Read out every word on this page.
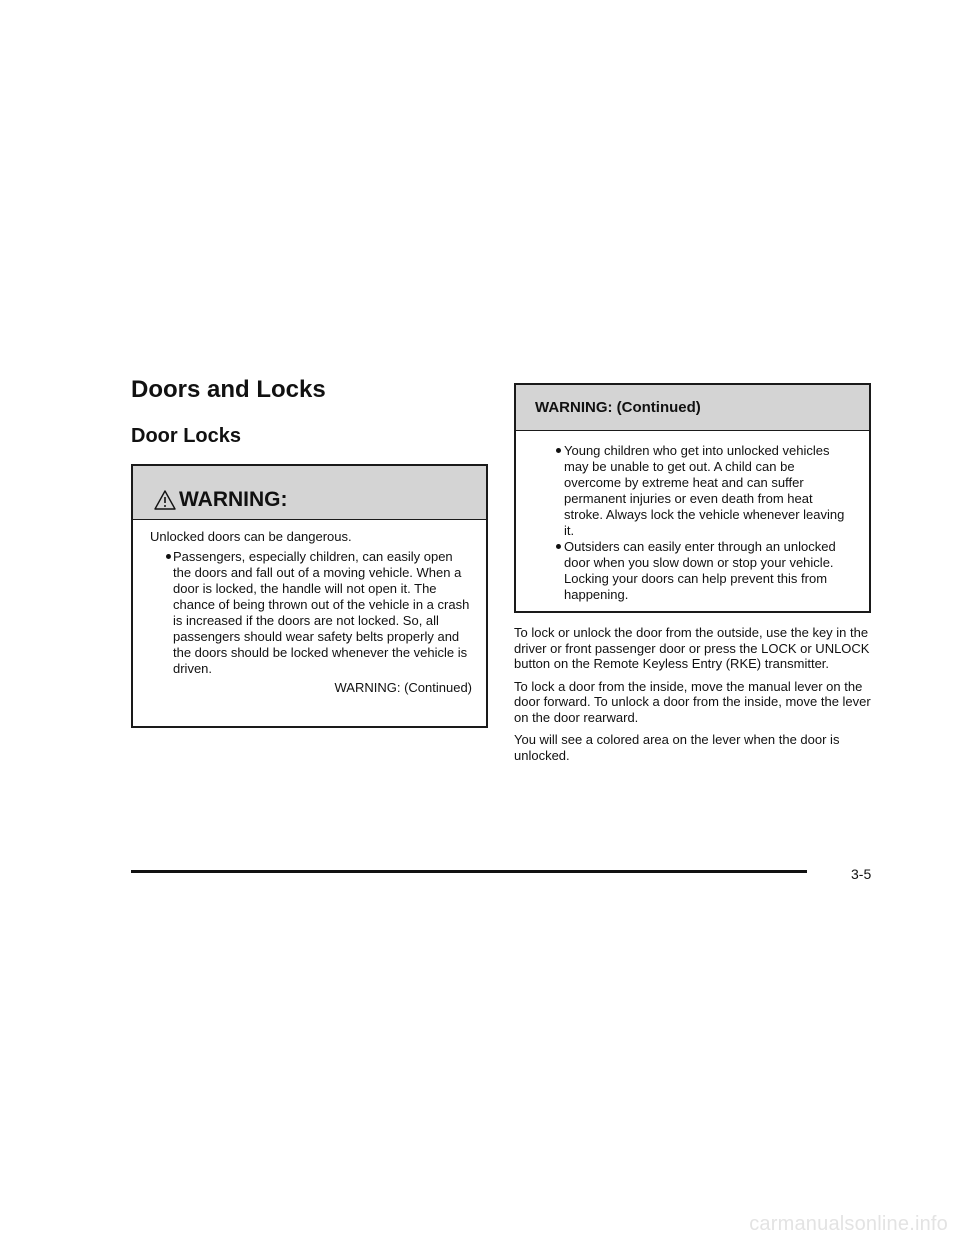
Doors and Locks
Door Locks
WARNING:
Unlocked doors can be dangerous.
Passengers, especially children, can easily open the doors and fall out of a moving vehicle. When a door is locked, the handle will not open it. The chance of being thrown out of the vehicle in a crash is increased if the doors are not locked. So, all passengers should wear safety belts properly and the doors should be locked whenever the vehicle is driven.
WARNING: (Continued)
WARNING: (Continued)
Young children who get into unlocked vehicles may be unable to get out. A child can be overcome by extreme heat and can suffer permanent injuries or even death from heat stroke. Always lock the vehicle whenever leaving it.
Outsiders can easily enter through an unlocked door when you slow down or stop your vehicle. Locking your doors can help prevent this from happening.

To lock or unlock the door from the outside, use the key in the driver or front passenger door or press the LOCK or UNLOCK button on the Remote Keyless Entry (RKE) transmitter.

To lock a door from the inside, move the manual lever on the door forward. To unlock a door from the inside, move the lever on the door rearward.

You will see a colored area on the lever when the door is unlocked.

3-5
carmanualsonline.info
